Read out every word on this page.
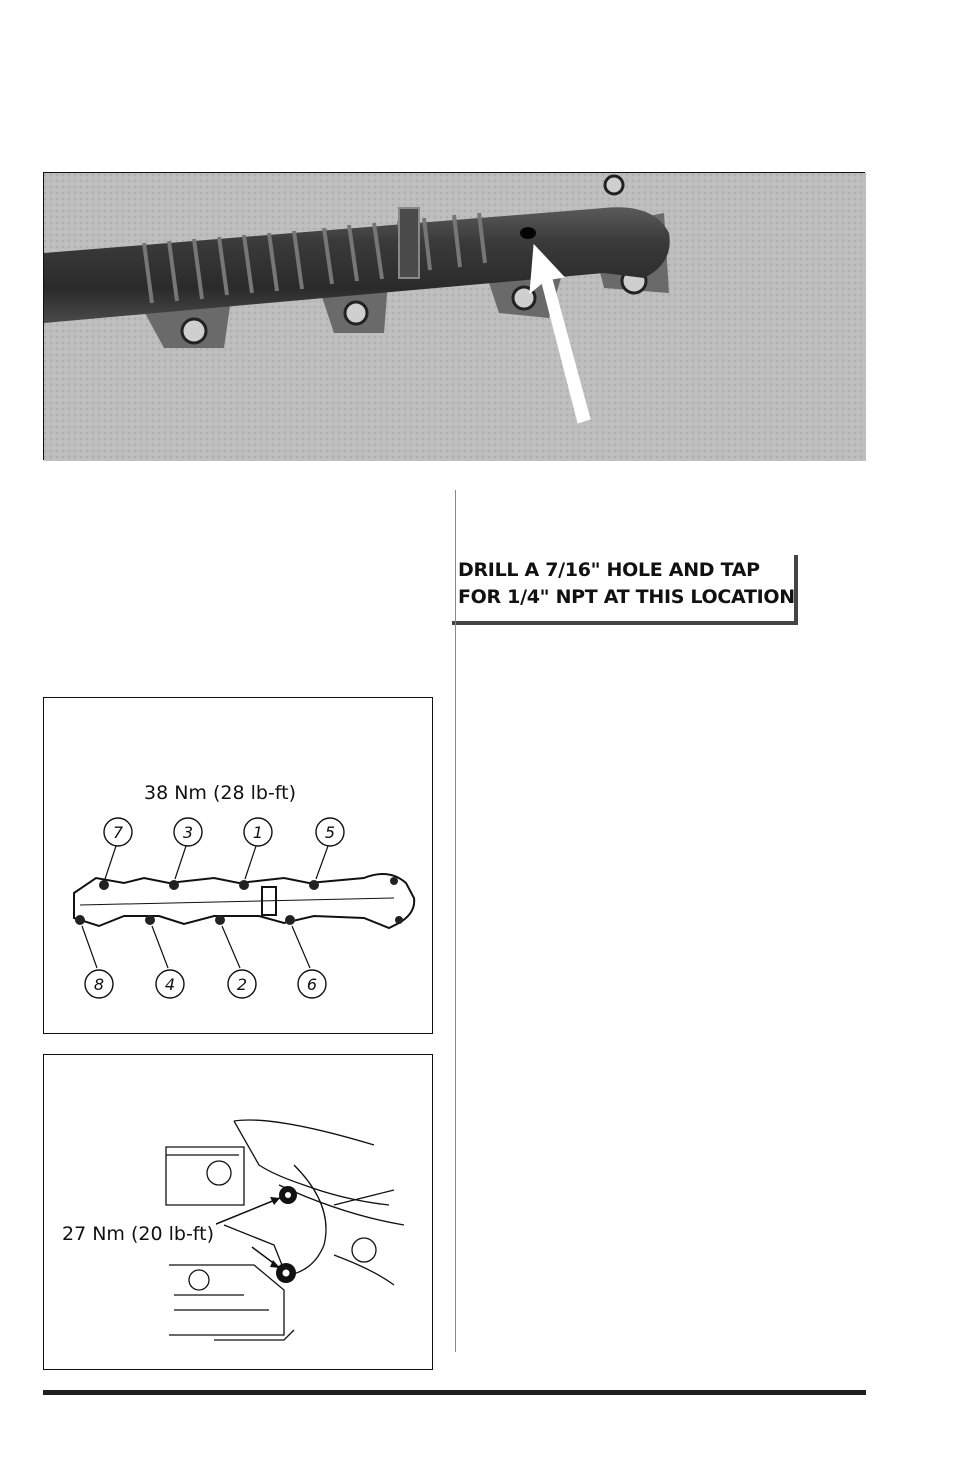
DRILL A 7/16" HOLE AND TAP
FOR 1/4" NPT AT THIS LOCATION
38 Nm (28 lb-ft)
7	3	1	5
8	4	2	6
27 Nm (20 lb-ft)
